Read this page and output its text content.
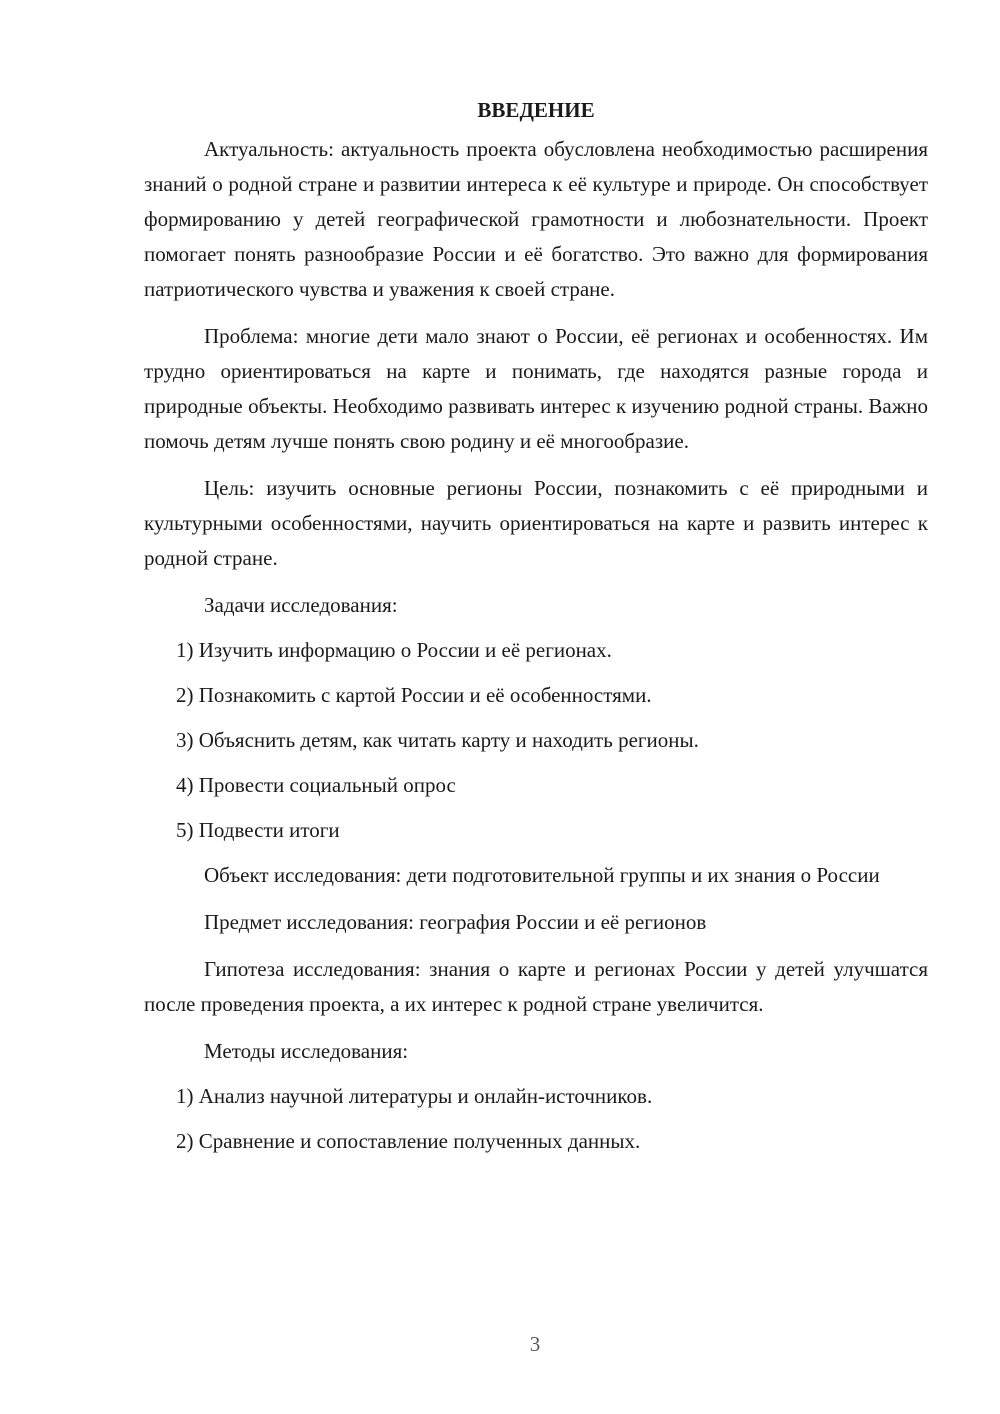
ВВЕДЕНИЕ

Актуальность: актуальность проекта обусловлена необходимостью расширения знаний о родной стране и развитии интереса к её культуре и природе. Он способствует формированию у детей географической грамотности и любознательности. Проект помогает понять разнообразие России и её богатство. Это важно для формирования патриотического чувства и уважения к своей стране.

Проблема: многие дети мало знают о России, её регионах и особенностях. Им трудно ориентироваться на карте и понимать, где находятся разные города и природные объекты. Необходимо развивать интерес к изучению родной страны. Важно помочь детям лучше понять свою родину и её многообразие.

Цель: изучить основные регионы России, познакомить с её природными и культурными особенностями, научить ориентироваться на карте и развить интерес к родной стране.

Задачи исследования:
1) Изучить информацию о России и её регионах.
2) Познакомить с картой России и её особенностями.
3) Объяснить детям, как читать карту и находить регионы.
4) Провести социальный опрос
5) Подвести итоги

Объект исследования: дети подготовительной группы и их знания о России

Предмет исследования: география России и её регионов

Гипотеза исследования: знания о карте и регионах России у детей улучшатся после проведения проекта, а их интерес к родной стране увеличится.

Методы исследования:
1) Анализ научной литературы и онлайн-источников.
2) Сравнение и сопоставление полученных данных.
3
